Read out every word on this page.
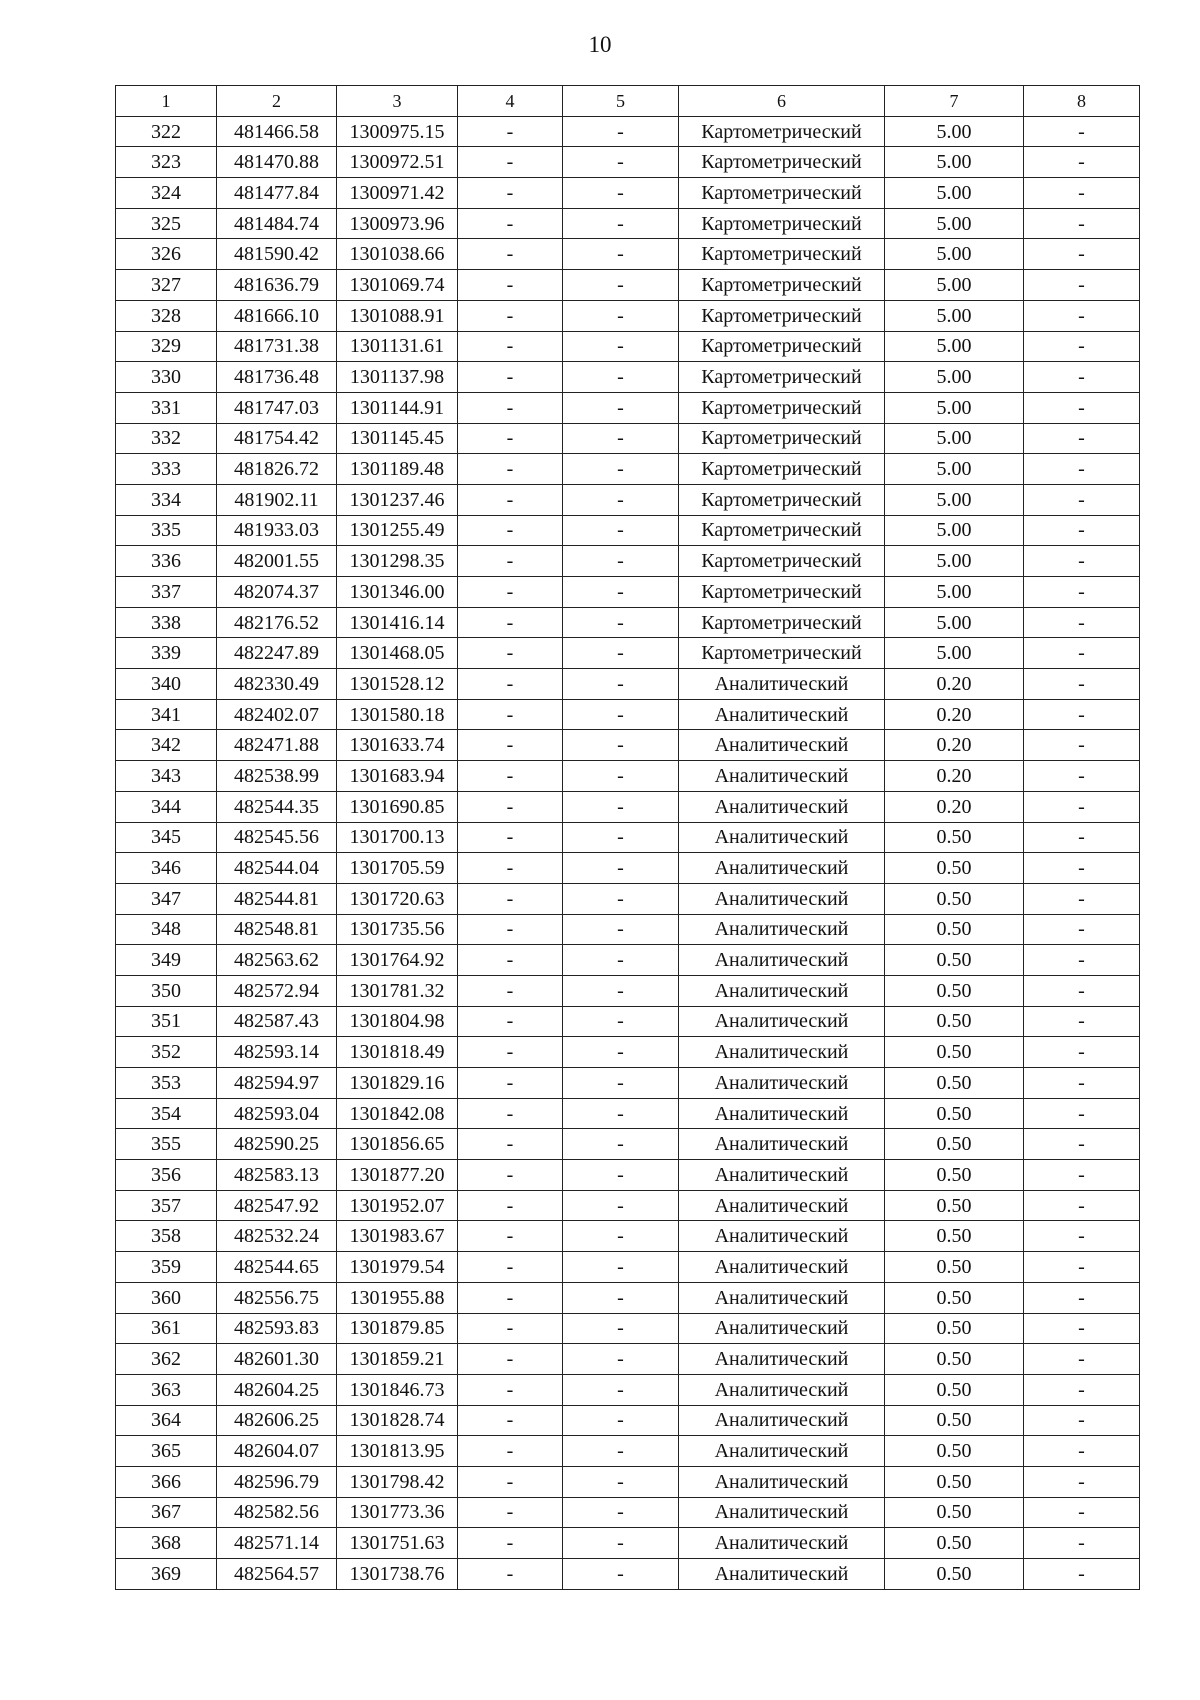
10
1	2	3	4	5	6	7	8
322	481466.58	1300975.15	-	-	Картометрический	5.00	-
323	481470.88	1300972.51	-	-	Картометрический	5.00	-
324	481477.84	1300971.42	-	-	Картометрический	5.00	-
325	481484.74	1300973.96	-	-	Картометрический	5.00	-
326	481590.42	1301038.66	-	-	Картометрический	5.00	-
327	481636.79	1301069.74	-	-	Картометрический	5.00	-
328	481666.10	1301088.91	-	-	Картометрический	5.00	-
329	481731.38	1301131.61	-	-	Картометрический	5.00	-
330	481736.48	1301137.98	-	-	Картометрический	5.00	-
331	481747.03	1301144.91	-	-	Картометрический	5.00	-
332	481754.42	1301145.45	-	-	Картометрический	5.00	-
333	481826.72	1301189.48	-	-	Картометрический	5.00	-
334	481902.11	1301237.46	-	-	Картометрический	5.00	-
335	481933.03	1301255.49	-	-	Картометрический	5.00	-
336	482001.55	1301298.35	-	-	Картометрический	5.00	-
337	482074.37	1301346.00	-	-	Картометрический	5.00	-
338	482176.52	1301416.14	-	-	Картометрический	5.00	-
339	482247.89	1301468.05	-	-	Картометрический	5.00	-
340	482330.49	1301528.12	-	-	Аналитический	0.20	-
341	482402.07	1301580.18	-	-	Аналитический	0.20	-
342	482471.88	1301633.74	-	-	Аналитический	0.20	-
343	482538.99	1301683.94	-	-	Аналитический	0.20	-
344	482544.35	1301690.85	-	-	Аналитический	0.20	-
345	482545.56	1301700.13	-	-	Аналитический	0.50	-
346	482544.04	1301705.59	-	-	Аналитический	0.50	-
347	482544.81	1301720.63	-	-	Аналитический	0.50	-
348	482548.81	1301735.56	-	-	Аналитический	0.50	-
349	482563.62	1301764.92	-	-	Аналитический	0.50	-
350	482572.94	1301781.32	-	-	Аналитический	0.50	-
351	482587.43	1301804.98	-	-	Аналитический	0.50	-
352	482593.14	1301818.49	-	-	Аналитический	0.50	-
353	482594.97	1301829.16	-	-	Аналитический	0.50	-
354	482593.04	1301842.08	-	-	Аналитический	0.50	-
355	482590.25	1301856.65	-	-	Аналитический	0.50	-
356	482583.13	1301877.20	-	-	Аналитический	0.50	-
357	482547.92	1301952.07	-	-	Аналитический	0.50	-
358	482532.24	1301983.67	-	-	Аналитический	0.50	-
359	482544.65	1301979.54	-	-	Аналитический	0.50	-
360	482556.75	1301955.88	-	-	Аналитический	0.50	-
361	482593.83	1301879.85	-	-	Аналитический	0.50	-
362	482601.30	1301859.21	-	-	Аналитический	0.50	-
363	482604.25	1301846.73	-	-	Аналитический	0.50	-
364	482606.25	1301828.74	-	-	Аналитический	0.50	-
365	482604.07	1301813.95	-	-	Аналитический	0.50	-
366	482596.79	1301798.42	-	-	Аналитический	0.50	-
367	482582.56	1301773.36	-	-	Аналитический	0.50	-
368	482571.14	1301751.63	-	-	Аналитический	0.50	-
369	482564.57	1301738.76	-	-	Аналитический	0.50	-
